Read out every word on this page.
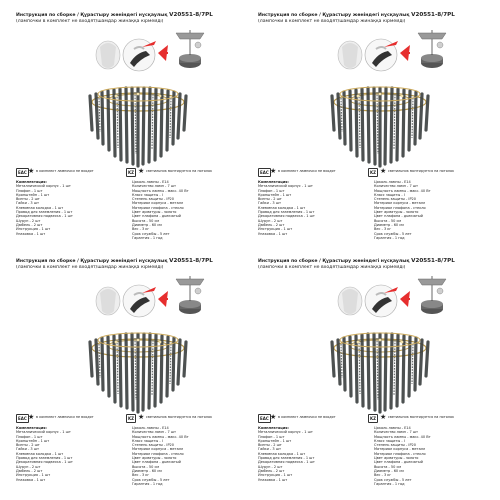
Инструкция по сборке / Құрастыру жөніндегі нұсқаулық V20551-8/7PL
(лампочки в комплект не входят/шамдар жинаққа кірмейді)
EAC ★ в комплект лампочки не входят	KZ ★ светильник монтируется на потолок
Комплектация:
Металлический корпус - 1 шт
Плафон - 1 шт
Кронштейн - 1 шт
Винты - 2 шт
Гайки - 3 шт
Клеммная колодка - 1 шт
Провод для заземления - 1 шт
Декоративная подвеска - 1 шт
Шуруп - 2 шт
Дюбель - 2 шт
Инструкция - 1 шт
Упаковка - 1 шт
Цоколь лампы - E14
Количество ламп - 7 шт
Мощность лампы - макс. 40 Вт
Класс защиты - I
Степень защиты - IP20
Материал корпуса - металл
Материал плафона - стекло
Цвет арматуры - золото
Цвет плафона - дымчатый
Высота - 50 см
Диаметр - 60 см
Вес - 3 кг
Срок службы - 5 лет
Гарантия - 1 год
Инструкция по сборке / Құрастыру жөніндегі нұсқаулық V20551-8/7PL
(лампочки в комплект не входят/шамдар жинаққа кірмейді)
EAC ★ в комплект лампочки не входят	KZ ★ светильник монтируется на потолок
Комплектация:
Металлический корпус - 1 шт
Плафон - 1 шт
Кронштейн - 1 шт
Винты - 2 шт
Гайки - 3 шт
Клеммная колодка - 1 шт
Провод для заземления - 1 шт
Декоративная подвеска - 1 шт
Шуруп - 2 шт
Дюбель - 2 шт
Инструкция - 1 шт
Упаковка - 1 шт
Цоколь лампы - E14
Количество ламп - 7 шт
Мощность лампы - макс. 40 Вт
Класс защиты - I
Степень защиты - IP20
Материал корпуса - металл
Материал плафона - стекло
Цвет арматуры - золото
Цвет плафона - дымчатый
Высота - 50 см
Диаметр - 60 см
Вес - 3 кг
Срок службы - 5 лет
Гарантия - 1 год
Инструкция по сборке / Құрастыру жөніндегі нұсқаулық V20551-8/7PL
(лампочки в комплект не входят/шамдар жинаққа кірмейді)
EAC ★ в комплект лампочки не входят	KZ ★ светильник монтируется на потолок
Комплектация:
Металлический корпус - 1 шт
Плафон - 1 шт
Кронштейн - 1 шт
Винты - 2 шт
Гайки - 3 шт
Клеммная колодка - 1 шт
Провод для заземления - 1 шт
Декоративная подвеска - 1 шт
Шуруп - 2 шт
Дюбель - 2 шт
Инструкция - 1 шт
Упаковка - 1 шт
Цоколь лампы - E14
Количество ламп - 7 шт
Мощность лампы - макс. 40 Вт
Класс защиты - I
Степень защиты - IP20
Материал корпуса - металл
Материал плафона - стекло
Цвет арматуры - золото
Цвет плафона - дымчатый
Высота - 50 см
Диаметр - 60 см
Вес - 3 кг
Срок службы - 5 лет
Гарантия - 1 год
Инструкция по сборке / Құрастыру жөніндегі нұсқаулық V20551-8/7PL
(лампочки в комплект не входят/шамдар жинаққа кірмейді)
EAC ★ в комплект лампочки не входят	KZ ★ светильник монтируется на потолок
Комплектация:
Металлический корпус - 1 шт
Плафон - 1 шт
Кронштейн - 1 шт
Винты - 2 шт
Гайки - 3 шт
Клеммная колодка - 1 шт
Провод для заземления - 1 шт
Декоративная подвеска - 1 шт
Шуруп - 2 шт
Дюбель - 2 шт
Инструкция - 1 шт
Упаковка - 1 шт
Цоколь лампы - E14
Количество ламп - 7 шт
Мощность лампы - макс. 40 Вт
Класс защиты - I
Степень защиты - IP20
Материал корпуса - металл
Материал плафона - стекло
Цвет арматуры - золото
Цвет плафона - дымчатый
Высота - 50 см
Диаметр - 60 см
Вес - 3 кг
Срок службы - 5 лет
Гарантия - 1 год
